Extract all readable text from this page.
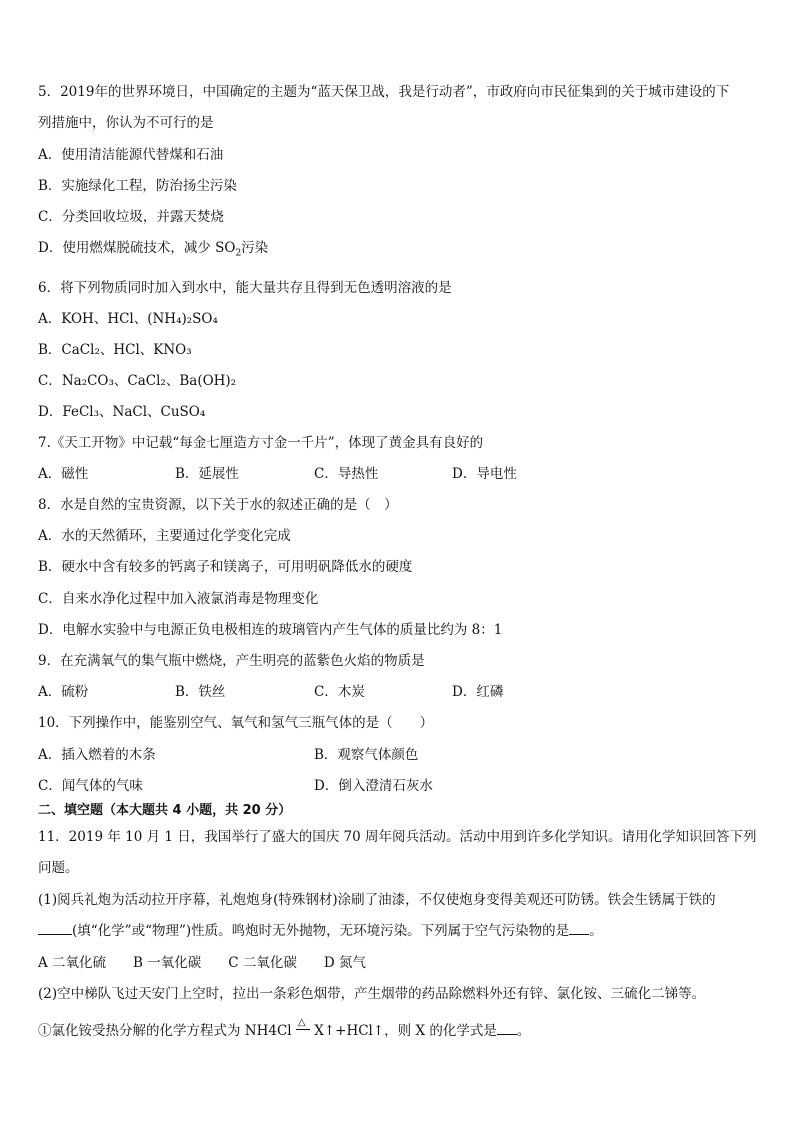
5．2019年的世界环境日，中国确定的主题为“蓝天保卫战，我是行动者”，市政府向市民征集到的关于城市建设的下
列措施中，你认为不可行的是
A．使用清洁能源代替煤和石油
B．实施绿化工程，防治扬尘污染
C．分类回收垃圾，并露天焚烧
D．使用燃煤脱硫技术，减少 $SO_2$污染
6．将下列物质同时加入到水中，能大量共存且得到无色透明溶液的是
A．KOH、HCl、(NH₄)₂SO₄
B．CaCl₂、HCl、KNO₃
C．Na₂CO₃、CaCl₂、Ba(OH)₂
D．FeCl₃、NaCl、CuSO₄
7.《天工开物》中记载“每金七厘造方寸金一千片”，体现了黄金具有良好的
A．磁性	B．延展性	C．导热性	D．导电性
8．水是自然的宝贵资源，以下关于水的叙述正确的是（　）
A．水的天然循环，主要通过化学变化完成
B．硬水中含有较多的钙离子和镁离子，可用明矾降低水的硬度
C．自来水净化过程中加入液氯消毒是物理变化
D．电解水实验中与电源正负电极相连的玻璃管内产生气体的质量比约为 8：1
9．在充满氧气的集气瓶中燃烧，产生明亮的蓝紫色火焰的物质是
A．硫粉	B．铁丝	C．木炭	D．红磷
10．下列操作中，能鉴别空气、氧气和氢气三瓶气体的是（　　）
A．插入燃着的木条	B．观察气体颜色
C．闻气体的气味	D．倒入澄清石灰水
二、填空题（本大题共 4 小题，共 20 分）
11．2019 年 10 月 1 日，我国举行了盛大的国庆 70 周年阅兵活动。活动中用到许多化学知识。请用化学知识回答下列
问题。
(1)阅兵礼炮为活动拉开序幕，礼炮炮身(特殊钢材)涂刷了油漆，不仅使炮身变得美观还可防锈。铁会生锈属于铁的
(填“化学”或“物理”)性质。鸣炮时无外抛物，无环境污染。下列属于空气污染物的是 。
A 二氧化硫　　B 一氧化碳　　C 二氧化碳　　D 氮气
(2)空中梯队飞过天安门上空时，拉出一条彩色烟带，产生烟带的药品除燃料外还有锌、氯化铵、三硫化二锑等。
①氯化铵受热分解的化学方程式为 NH4Cl
△
X↑+HCl↑，则 X 的化学式是 。
